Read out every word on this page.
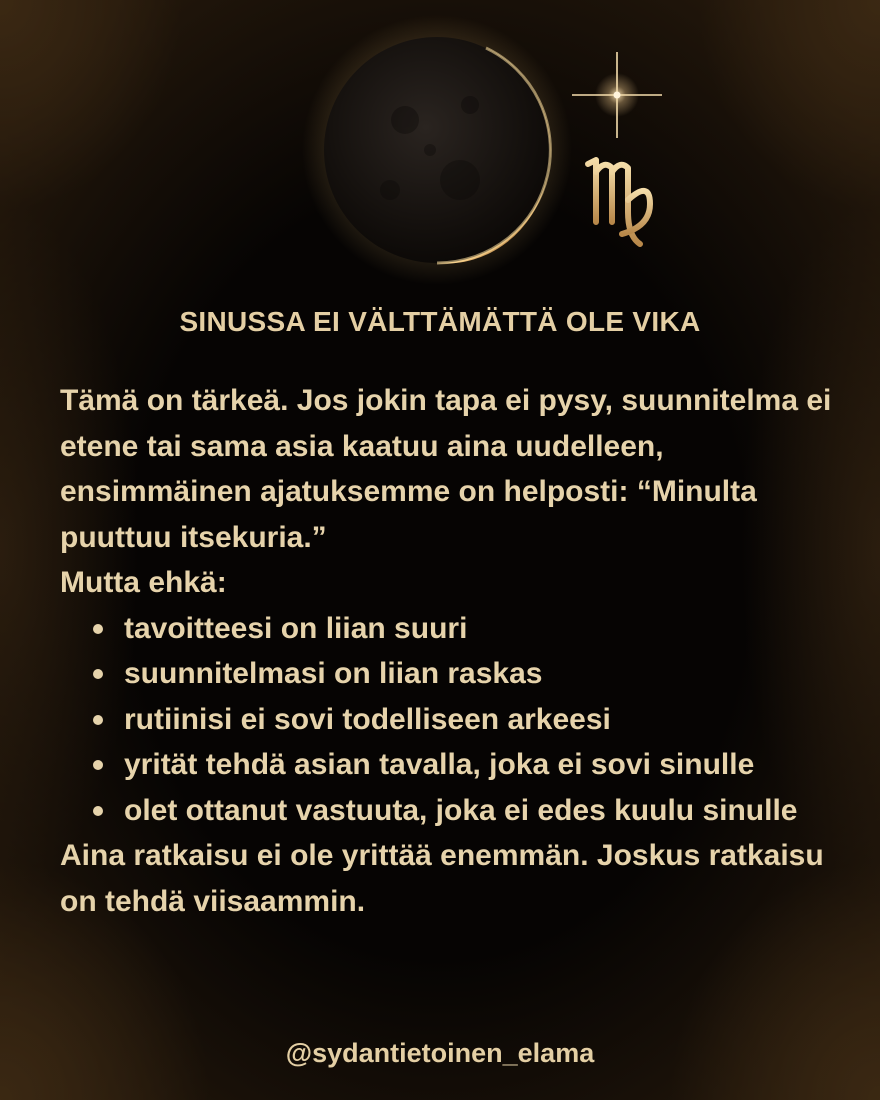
SINUSSA EI VÄLTTÄMÄTTÄ OLE VIKA

Tämä on tärkeä. Jos jokin tapa ei pysy, suunnitelma ei etene tai sama asia kaatuu aina uudelleen, ensimmäinen ajatuksemme on helposti: “Minulta puuttuu itsekuria.”

Mutta ehkä:

tavoitteesi on liian suuri
suunnitelmasi on liian raskas
rutiinisi ei sovi todelliseen arkeesi
yrität tehdä asian tavalla, joka ei sovi sinulle
olet ottanut vastuuta, joka ei edes kuulu sinulle

Aina ratkaisu ei ole yrittää enemmän. Joskus ratkaisu on tehdä viisaammin.

@sydantietoinen_elama
